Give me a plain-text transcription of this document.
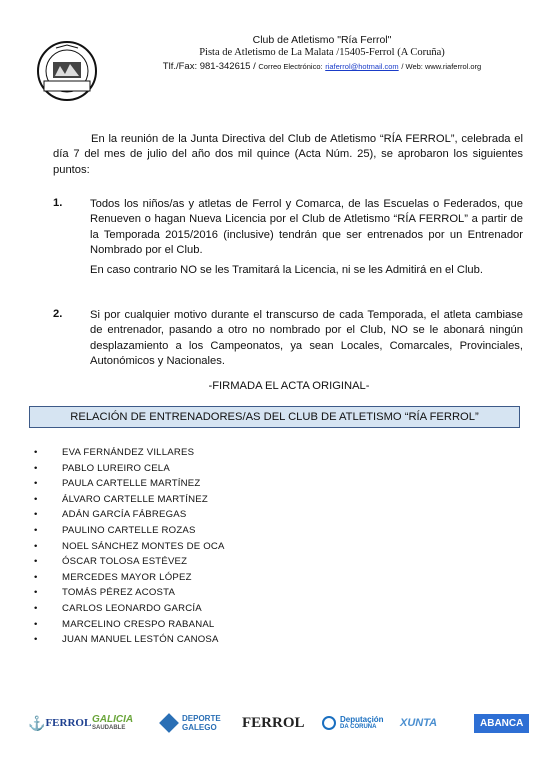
Club de Atletismo "Ría Ferrol"
Pista de Atletismo de La Malata /15405-Ferrol (A Coruña)
Tlf./Fax: 981-342615 / Correo Electrónico: riaferrol@hotmail.com / Web: www.riaferrol.org
En la reunión de la Junta Directiva del Club de Atletismo “RÍA FERROL”, celebrada el día 7 del mes de julio del año dos mil quince (Acta Núm. 25), se aprobaron los siguientes puntos:
1. Todos los niños/as y atletas de Ferrol y Comarca, de las Escuelas o Federados, que Renueven o hagan Nueva Licencia por el Club de Atletismo “RÍA FERROL” a partir de la Temporada 2015/2016 (inclusive) tendrán que ser entrenados por un Entrenador Nombrado por el Club.
En caso contrario NO se les Tramitará la Licencia, ni se les Admitirá en el Club.
2. Si por cualquier motivo durante el transcurso de cada Temporada, el atleta cambiase de entrenador, pasando a otro no nombrado por el Club, NO se le abonará ningún desplazamiento a los Campeonatos, ya sean Locales, Comarcales, Provinciales, Autonómicos y Nacionales.
-FIRMADA EL ACTA ORIGINAL-
RELACIÓN DE ENTRENADORES/AS DEL CLUB DE ATLETISMO “RÍA FERROL”
•	EVA FERNÁNDEZ VILLARES
•	PABLO LUREIRO CELA
•	PAULA CARTELLE MARTÍNEZ
•	ÁLVARO CARTELLE MARTÍNEZ
•	ADÁN GARCÍA FÁBREGAS
•	PAULINO CARTELLE ROZAS
•	NOEL SÁNCHEZ MONTES DE OCA
•	ÓSCAR TOLOSA ESTÉVEZ
•	MERCEDES MAYOR LÓPEZ
•	TOMÁS PÉREZ ACOSTA
•	CARLOS LEONARDO GARCÍA
•	MARCELINO CRESPO RABANAL
•	JUAN MANUEL LESTÓN CANOSA
⚓ FERROL GALICIA
SAUDABLE
DEPORTE
GALEGO FERROL	Deputación
DA CORUÑA	XUNTA	ABANCA
